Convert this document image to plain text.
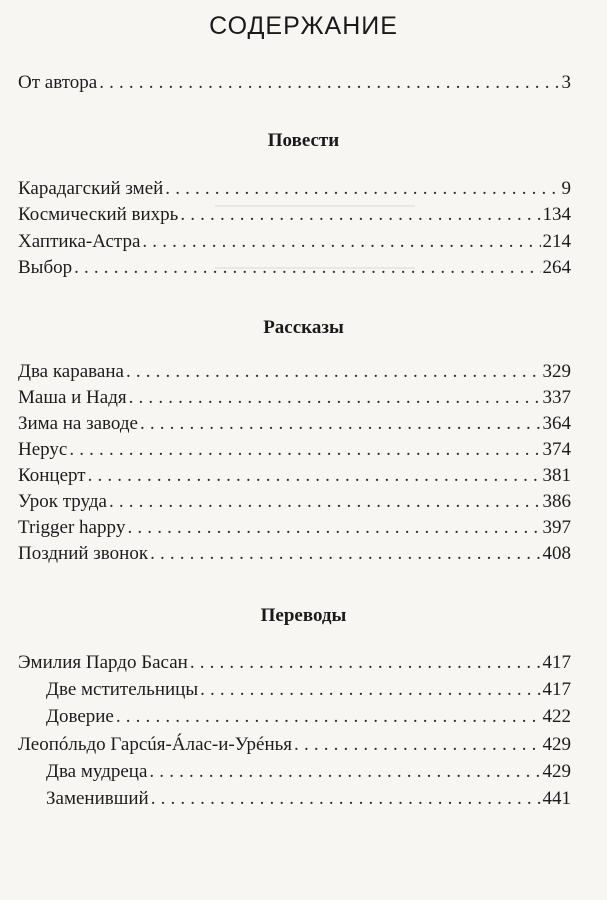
СОДЕРЖАНИЕ
От автора . . .	3
Повести
Карадагский змей . . .	9
Космический вихрь . . .	134
Хаптика-Астра . . .	214
Выбор . . .	264
Рассказы
Два каравана . . .	329
Маша и Надя . . .	337
Зима на заводе . . .	364
Нерус . . .	374
Концерт . . .	381
Урок труда . . .	386
Trigger happy . . .	397
Поздний звонок . . .	408
Переводы
Эмилия Пардо Басан . . .	417
Две мстительницы . . .	417
Доверие . . .	422
Леопóльдо Гарсúя-Áлас-и-Урéнья . . .	429
Два мудреца . . .	429
Заменивший . . .	441
